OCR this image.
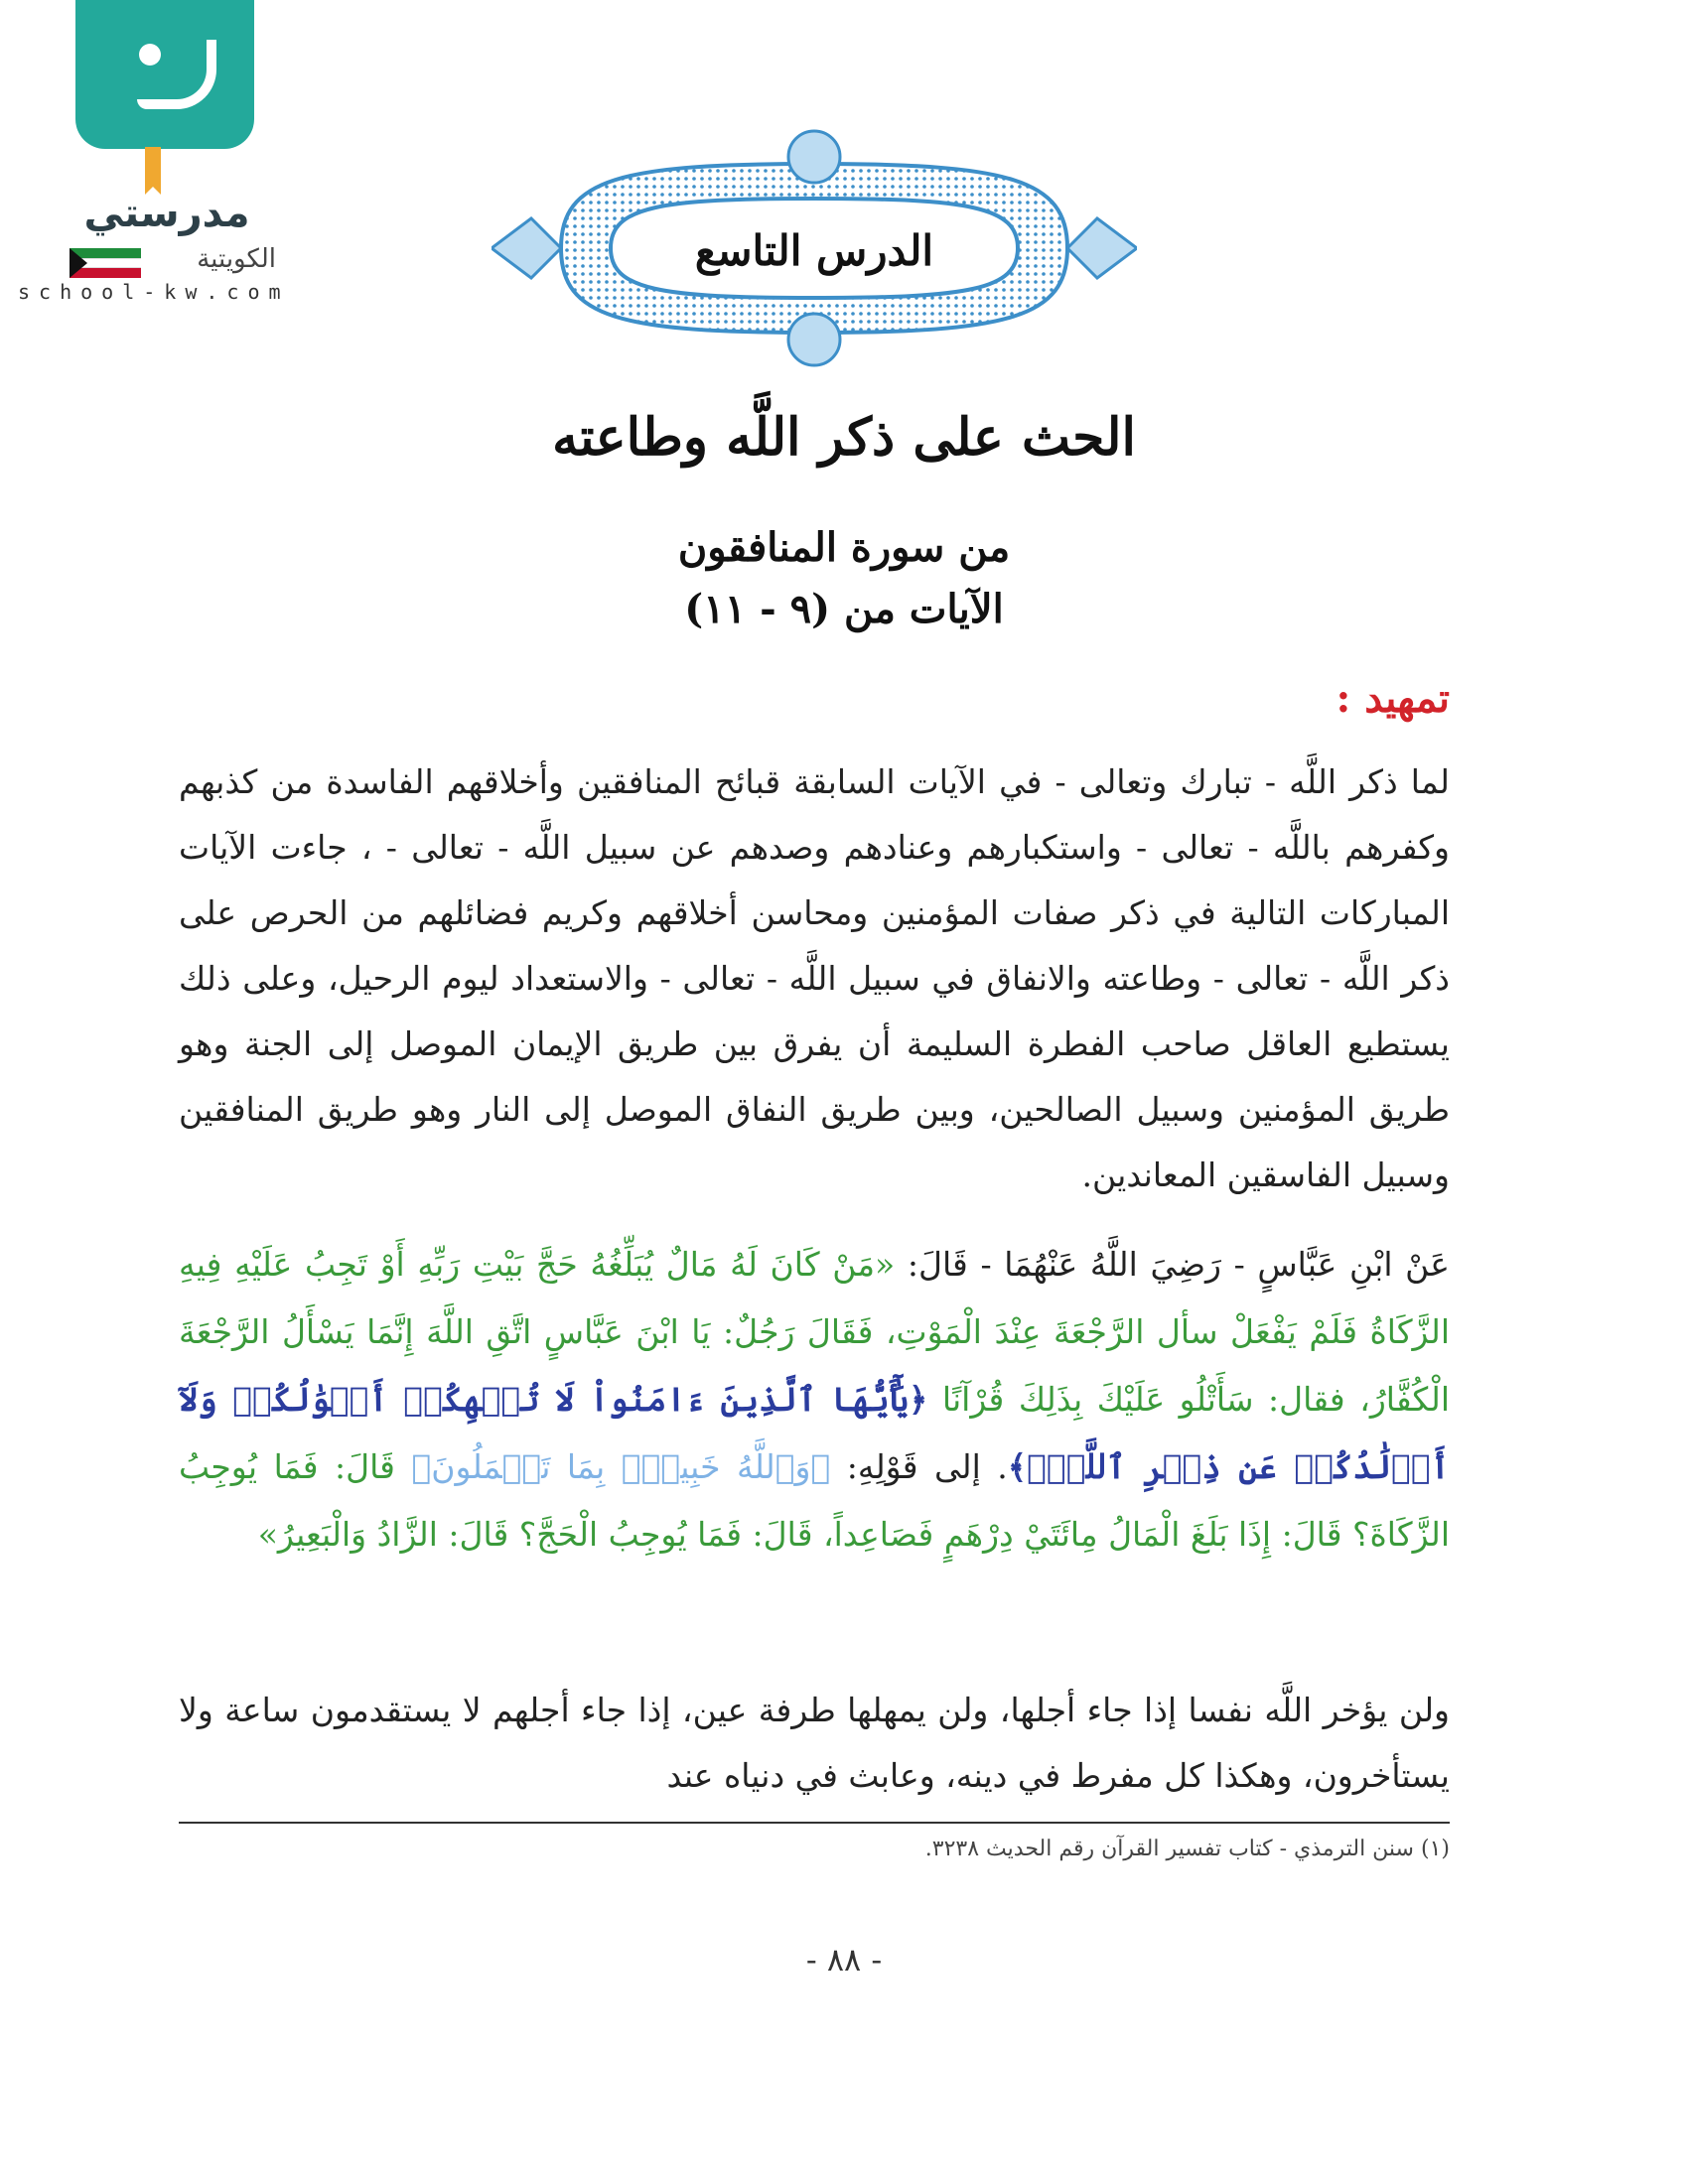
مدرستي
الكويتية
school-kw.com
الدرس التاسع
الحث على ذكر اللَّه وطاعته
من سورة المنافقون
الآيات من (٩ - ١١)
تمهيد :
لما ذكر اللَّه - تبارك وتعالى - في الآيات السابقة قبائح المنافقين وأخلاقهم الفاسدة من كذبهم وكفرهم باللَّه - تعالى - واستكبارهم وعنادهم وصدهم عن سبيل اللَّه - تعالى - ، جاءت الآيات المباركات التالية في ذكر صفات المؤمنين ومحاسن أخلاقهم وكريم فضائلهم من الحرص على ذكر اللَّه - تعالى - وطاعته والانفاق في سبيل اللَّه - تعالى - والاستعداد ليوم الرحيل، وعلى ذلك يستطيع العاقل صاحب الفطرة السليمة أن يفرق بين طريق الإيمان الموصل إلى الجنة وهو طريق المؤمنين وسبيل الصالحين، وبين طريق النفاق الموصل إلى النار وهو طريق المنافقين وسبيل الفاسقين المعاندين.
عَنْ ابْنِ عَبَّاسٍ - رَضِيَ اللَّهُ عَنْهُمَا - قَالَ: «مَنْ كَانَ لَهُ مَالٌ يُبَلِّغُهُ حَجَّ بَيْتِ رَبِّهِ أَوْ تَجِبُ عَلَيْهِ فِيهِ الزَّكَاةُ فَلَمْ يَفْعَلْ سأل الرَّجْعَةَ عِنْدَ الْمَوْتِ، فَقَالَ رَجُلٌ: يَا ابْنَ عَبَّاسٍ اتَّقِ اللَّهَ إِنَّمَا يَسْأَلُ الرَّجْعَةَ الْكُفَّارُ، فقال: سَأَتْلُو عَلَيْكَ بِذَلِكَ قُرْآنًا ﴿يَٰٓأَيُّهَا ٱلَّذِينَ ءَامَنُواْ لَا تُلۡهِكُمۡ أَمۡوَٰلُكُمۡ وَلَآ أَوۡلَٰدُكُمۡ عَن ذِكۡرِ ٱللَّهِۚ﴾. إلى قَوْلِهِ: ﴿وَٱللَّهُ خَبِيرُۢ بِمَا تَعۡمَلُونَ﴾ قَالَ: فَمَا يُوجِبُ الزَّكَاةَ؟ قَالَ: إِذَا بَلَغَ الْمَالُ مِائَتَيْ دِرْهَمٍ فَصَاعِداً، قَالَ: فَمَا يُوجِبُ الْحَجَّ؟ قَالَ: الزَّادُ وَالْبَعِيرُ»
ولن يؤخر اللَّه نفسا إذا جاء أجلها، ولن يمهلها طرفة عين، إذا جاء أجلهم لا يستقدمون ساعة ولا يستأخرون، وهكذا كل مفرط في دينه، وعابث في دنياه عند
(١) سنن الترمذي - كتاب تفسير القرآن رقم الحديث ٣٢٣٨.
- ٨٨ -
